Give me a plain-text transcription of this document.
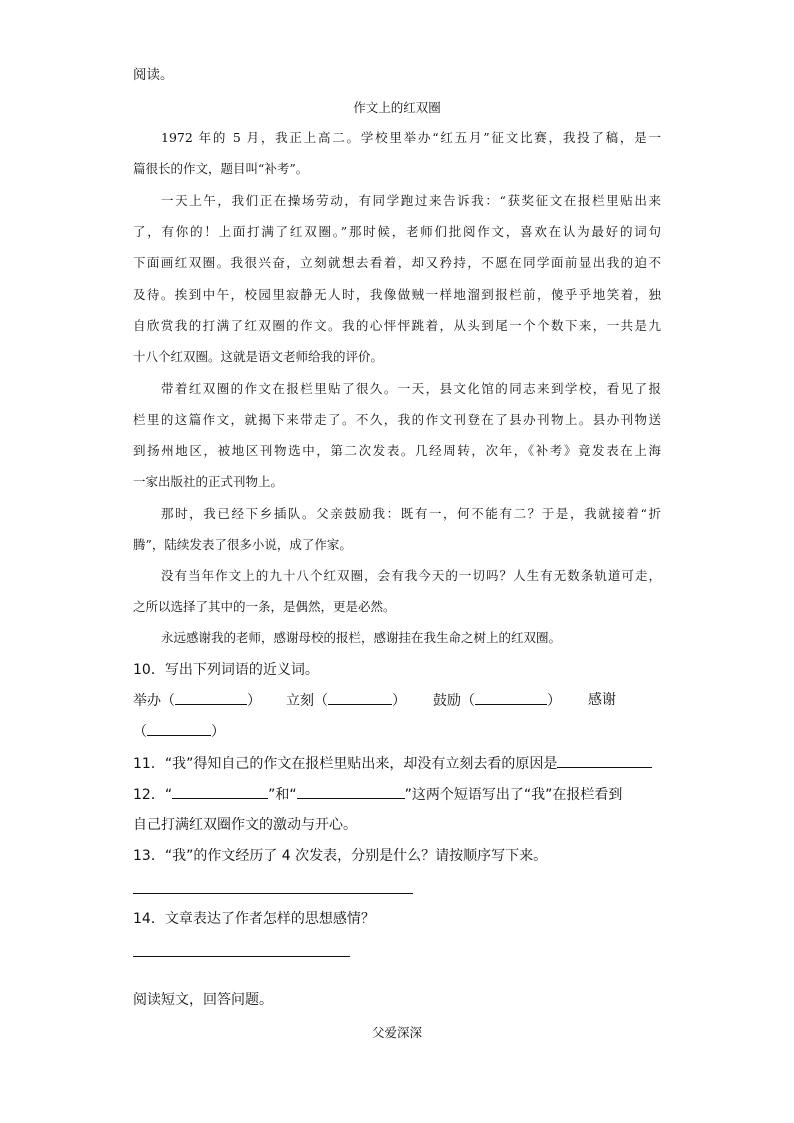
阅读。
作文上的红双圈
1972 年的 5 月，我正上高二。学校里举办“红五月”征文比赛，我投了稿，是一
篇很长的作文，题目叫“补考”。
一天上午，我们正在操场劳动，有同学跑过来告诉我：“获奖征文在报栏里贴出来
了，有你的！上面打满了红双圈。”那时候，老师们批阅作文，喜欢在认为最好的词句
下面画红双圈。我很兴奋，立刻就想去看着，却又矜持，不愿在同学面前显出我的迫不
及待。挨到中午，校园里寂静无人时，我像做贼一样地溜到报栏前，傻乎乎地笑着，独
自欣赏我的打满了红双圈的作文。我的心怦怦跳着，从头到尾一个个数下来，一共是九
十八个红双圈。这就是语文老师给我的评价。
带着红双圈的作文在报栏里贴了很久。一天，县文化馆的同志来到学校，看见了报
栏里的这篇作文，就揭下来带走了。不久，我的作文刊登在了县办刊物上。县办刊物送
到扬州地区，被地区刊物选中，第二次发表。几经周转，次年，《补考》竟发表在上海
一家出版社的正式刊物上。
那时，我已经下乡插队。父亲鼓励我：既有一，何不能有二？于是，我就接着“折
腾”，陆续发表了很多小说，成了作家。
没有当年作文上的九十八个红双圈，会有我今天的一切吗？人生有无数条轨道可走，
之所以选择了其中的一条，是偶然，更是必然。
永远感谢我的老师，感谢母校的报栏，感谢挂在我生命之树上的红双圈。
10．写出下列词语的近义词。
举办（	） 立刻（	） 鼓励（	） 感谢
（	）
11．“我”得知自己的作文在报栏里贴出来，却没有立刻去看的原因是
12．“	”和“	”这两个短语写出了“我”在报栏看到
自己打满红双圈作文的激动与开心。
13．“我”的作文经历了 4 次发表，分别是什么？请按顺序写下来。
14．文章表达了作者怎样的思想感情？
阅读短文，回答问题。
父爱深深
